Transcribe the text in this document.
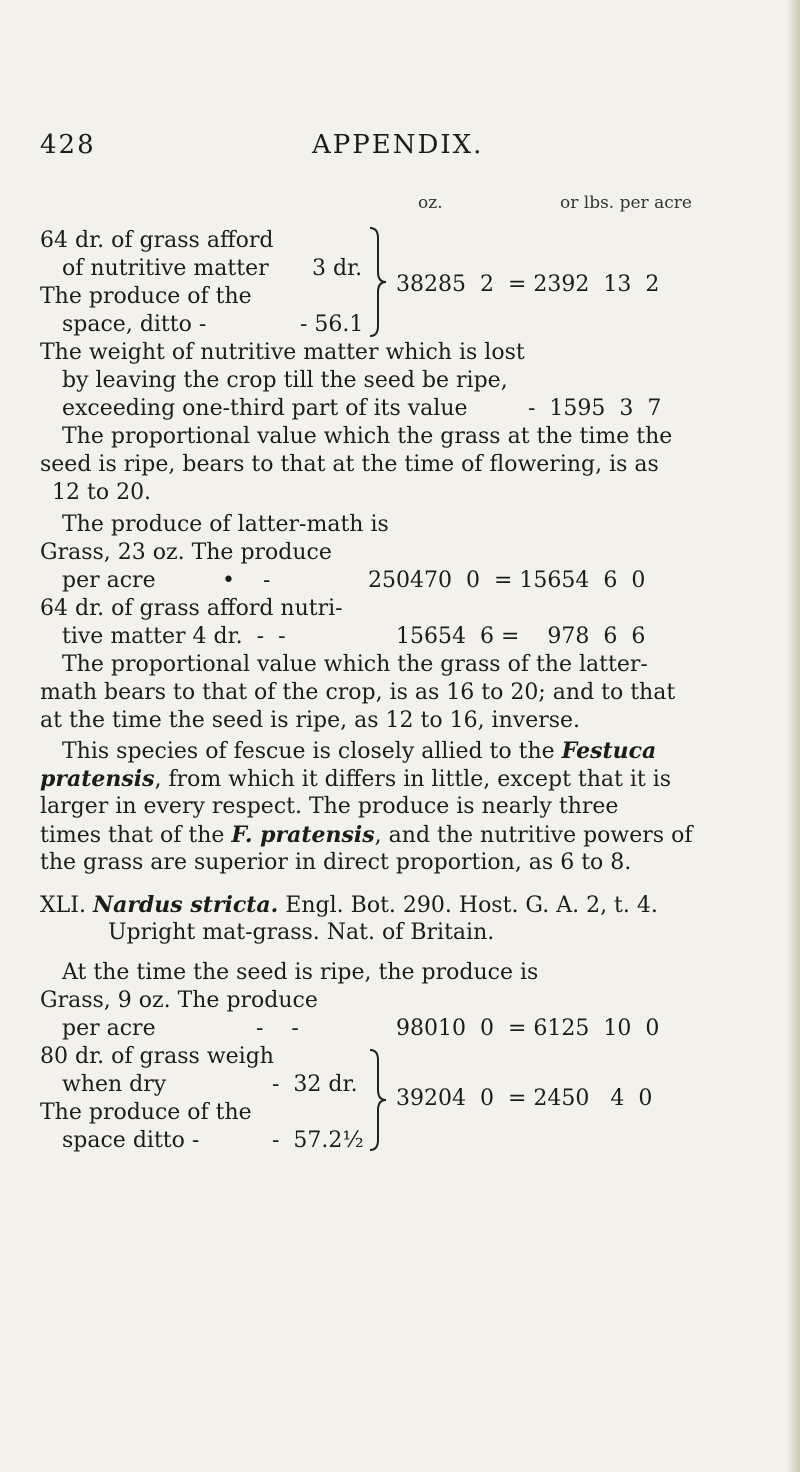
428	APPENDIX.
oz.	or lbs. per acre
64 dr. of grass afford
of nutritive matter 3 dr.
The produce of the
space, ditto -	- 56.1
38285  2  = 2392  13  2
The weight of nutritive matter which is lost
by leaving the crop till the seed be ripe,
exceeding one-third part of its value	-  1595  3  7
The proportional value which the grass at the time the
seed is ripe, bears to that at the time of flowering, is as
12 to 20.
The produce of latter-math is
Grass, 23 oz. The produce
per acre	•    -	250470  0  = 15654  6  0
64 dr. of grass afford nutri-
tive matter 4 dr.  -  -	15654  6 =    978  6  6
The proportional value which the grass of the latter-
math bears to that of the crop, is as 16 to 20; and to that
at the time the seed is ripe, as 12 to 16, inverse.
This species of fescue is closely allied to the Festuca
pratensis, from which it differs in little, except that it is
larger in every respect. The produce is nearly three
times that of the F. pratensis, and the nutritive powers of
the grass are superior in direct proportion, as 6 to 8.
XLI. Nardus stricta. Engl. Bot. 290. Host. G. A. 2, t. 4.
Upright mat-grass. Nat. of Britain.
At the time the seed is ripe, the produce is
Grass, 9 oz. The produce
per acre	-    -	98010  0  = 6125  10  0
80 dr. of grass weigh
when dry	-  32 dr.
The produce of the
space ditto -	-  57.2½
39204  0  = 2450   4  0
